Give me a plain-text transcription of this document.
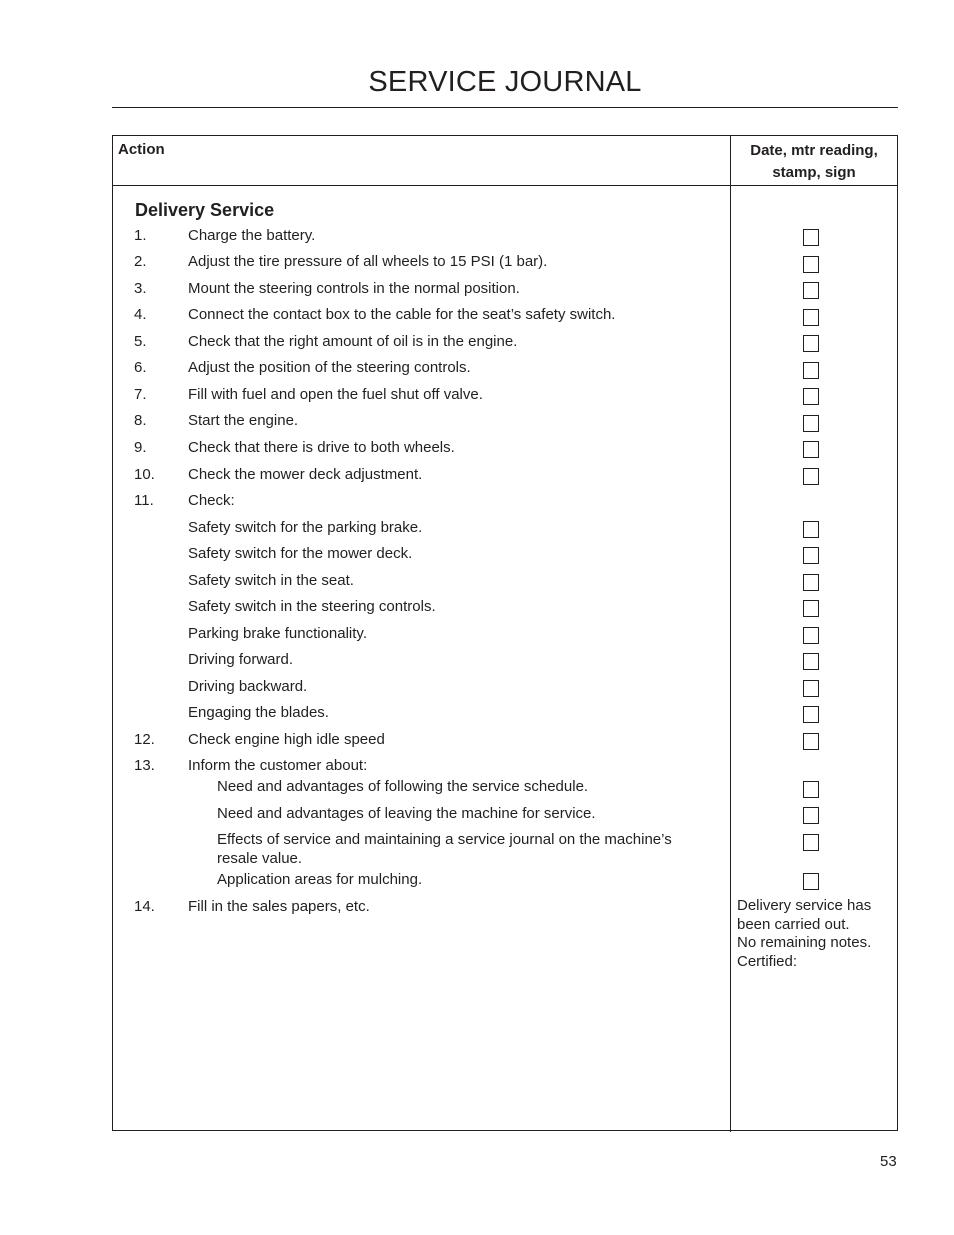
SERVICE JOURNAL
Action	Date, mtr reading,
stamp, sign
Delivery Service
1.	Charge the battery.
2.	Adjust the tire pressure of all wheels to 15 PSI (1 bar).
3.	Mount the steering controls in the normal position.
4.	Connect the contact box to the cable for the seat’s safety switch.
5.	Check that the right amount of oil is in the engine.
6.	Adjust the position of the steering controls.
7.	Fill with fuel and open the fuel shut off valve.
8.	Start the engine.
9.	Check that there is drive to both wheels.
10. Check the mower deck adjustment.
11. Check:
Safety switch for the parking brake.
Safety switch for the mower deck.
Safety switch in the seat.
Safety switch in the steering controls.
Parking brake functionality.
Driving forward.
Driving backward.
Engaging the blades.
12. Check engine high idle speed
13. Inform the customer about:
Need and advantages of following the service schedule.
Need and advantages of leaving the machine for service.
Effects of service and maintaining a service journal on the machine’s resale value.
Application areas for mulching.
14. Fill in the sales papers, etc.	Delivery service has
been carried out.
No remaining notes.
Certified:
53
